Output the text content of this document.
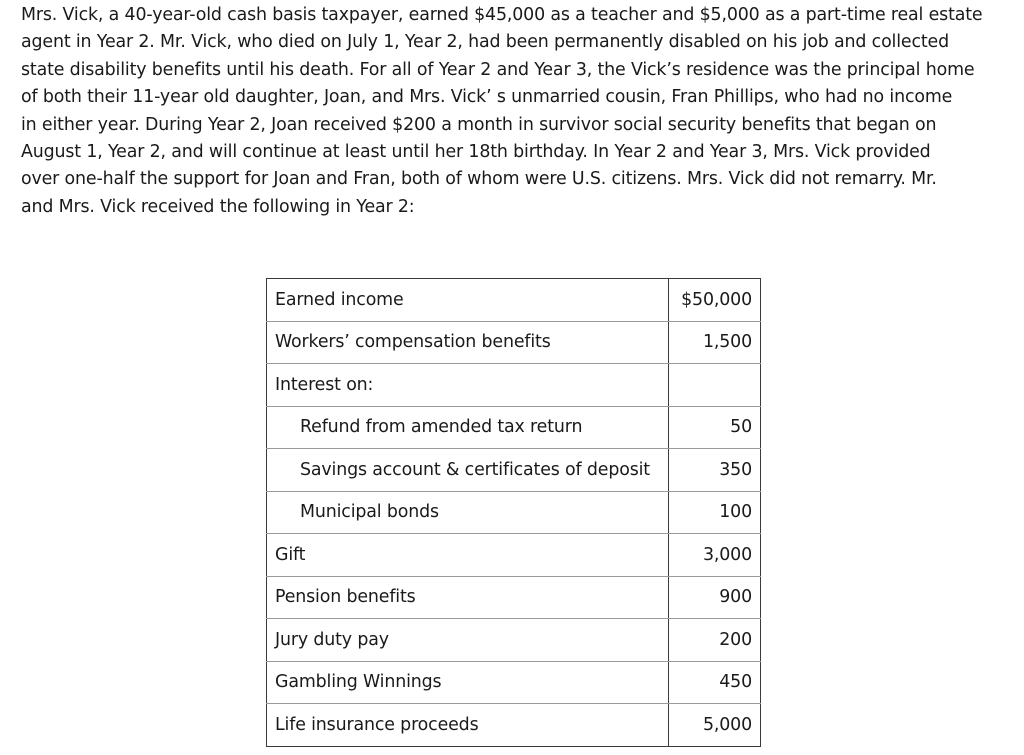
Mrs. Vick, a 40-year-old cash basis taxpayer, earned $45,000 as a teacher and $5,000 as a part-time real estate
agent in Year 2. Mr. Vick, who died on July 1, Year 2, had been permanently disabled on his job and collected
state disability benefits until his death. For all of Year 2 and Year 3, the Vick’s residence was the principal home
of both their 11-year old daughter, Joan, and Mrs. Vick’ s unmarried cousin, Fran Phillips, who had no income
in either year. During Year 2, Joan received $200 a month in survivor social security benefits that began on
August 1, Year 2, and will continue at least until her 18th birthday. In Year 2 and Year 3, Mrs. Vick provided
over one-half the support for Joan and Fran, both of whom were U.S. citizens. Mrs. Vick did not remarry. Mr.
and Mrs. Vick received the following in Year 2:

Earned income	$50,000
Workers’ compensation benefits	1,500
Interest on:	
Refund from amended tax return	50
Savings account & certificates of deposit	350
Municipal bonds	100
Gift	3,000
Pension benefits	900
Jury duty pay	200
Gambling Winnings	450
Life insurance proceeds	5,000
